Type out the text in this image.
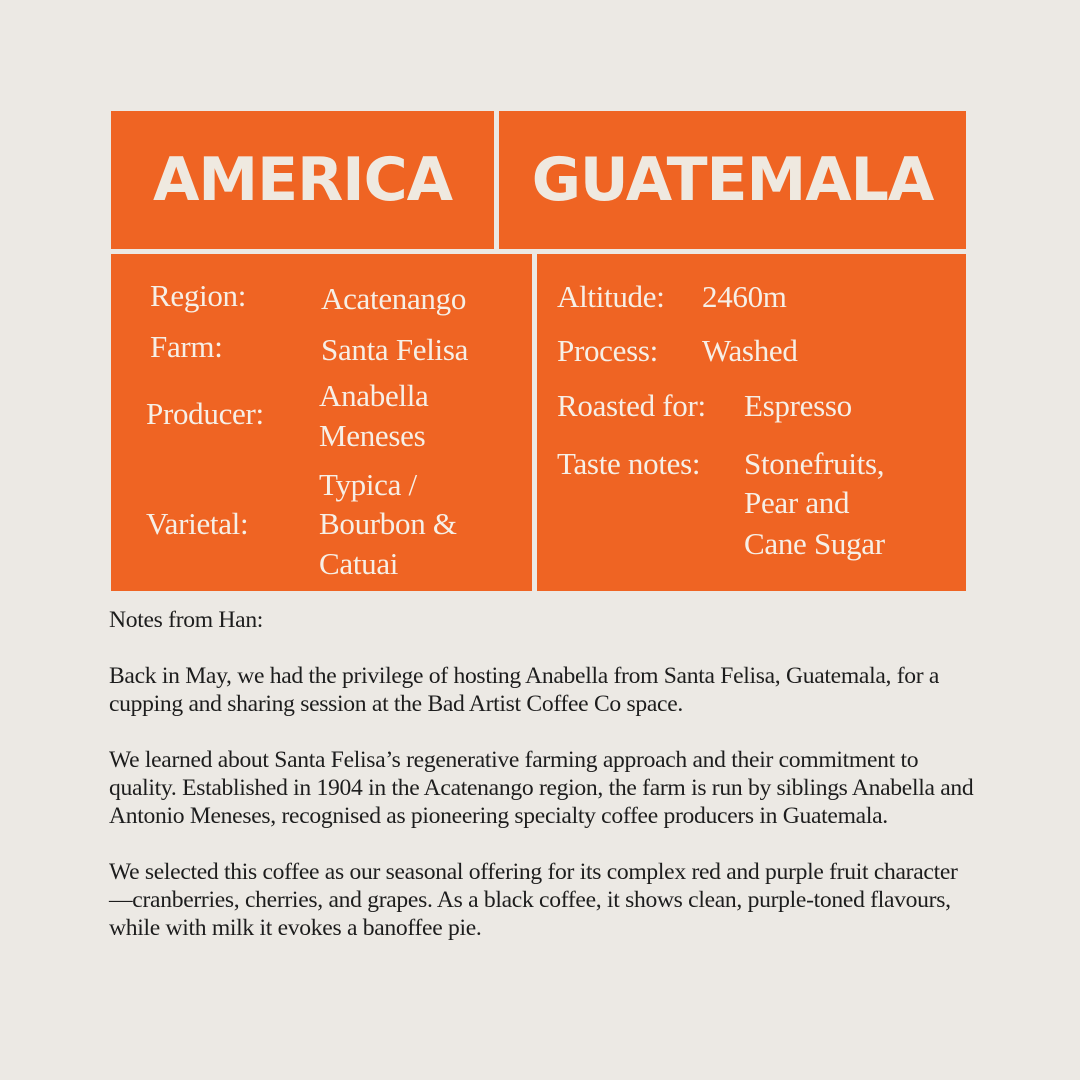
AMERICA	GUATEMALA
Region: Acatenango
Farm:	Santa Felisa
Producer:
Anabella
Meneses
Varietal:
Typica /
Bourbon &
Catuai
Altitude: 2460m
Process: Washed
Roasted for: Espresso
Taste notes: Stonefruits,
Pear and
Cane Sugar

Notes from Han:

Back in May, we had the privilege of hosting Anabella from Santa Felisa, Guatemala, for a cupping and sharing session at the Bad Artist Coffee Co space.

We learned about Santa Felisa’s regenerative farming approach and their commitment to quality. Established in 1904 in the Acatenango region, the farm is run by siblings Anabella and Antonio Meneses, recognised as pioneering specialty coffee producers in Guatemala.

We selected this coffee as our seasonal offering for its complex red and purple fruit character—cranberries, cherries, and grapes. As a black coffee, it shows clean, purple-toned flavours, while with milk it evokes a banoffee pie.
